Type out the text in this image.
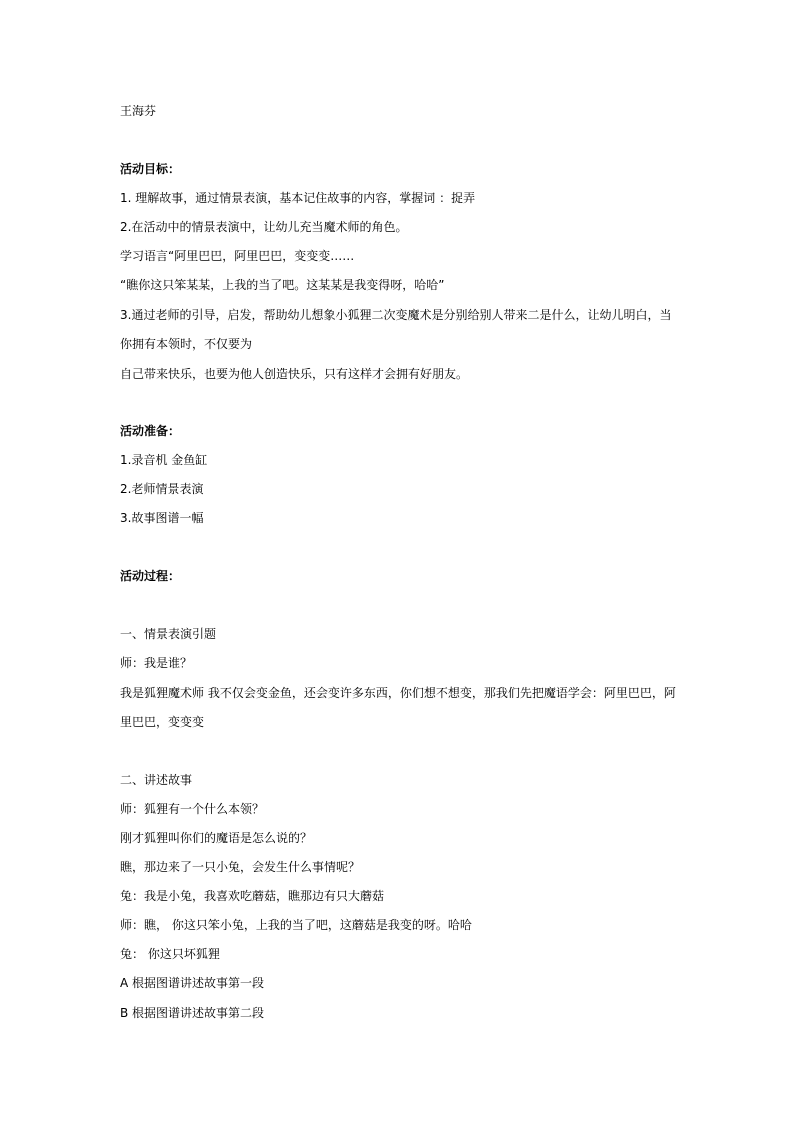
王海芬
活动目标：
1. 理解故事，通过情景表演，基本记住故事的内容，掌握词 ：捉弄
2.在活动中的情景表演中，让幼儿充当魔术师的角色。
学习语言“阿里巴巴，阿里巴巴，变变变……
“瞧你这只笨某某，上我的当了吧。这某某是我变得呀，哈哈”
3.通过老师的引导，启发，帮助幼儿想象小狐狸二次变魔术是分别给别人带来二是什么，让幼儿明白，当
你拥有本领时，不仅要为
自己带来快乐，也要为他人创造快乐，只有这样才会拥有好朋友。
活动准备：
1.录音机 金鱼缸
2.老师情景表演
3.故事图谱一幅
活动过程：
一、情景表演引题
师：我是谁？
我是狐狸魔术师 我不仅会变金鱼，还会变许多东西，你们想不想变，那我们先把魔语学会：阿里巴巴，阿
里巴巴，变变变
二、讲述故事
师：狐狸有一个什么本领？
刚才狐狸叫你们的魔语是怎么说的？
瞧，那边来了一只小兔，会发生什么事情呢？
兔：我是小兔，我喜欢吃蘑菇，瞧那边有只大蘑菇
师：瞧， 你这只笨小兔，上我的当了吧，这蘑菇是我变的呀。哈哈
兔： 你这只坏狐狸
A 根据图谱讲述故事第一段
B 根据图谱讲述故事第二段
